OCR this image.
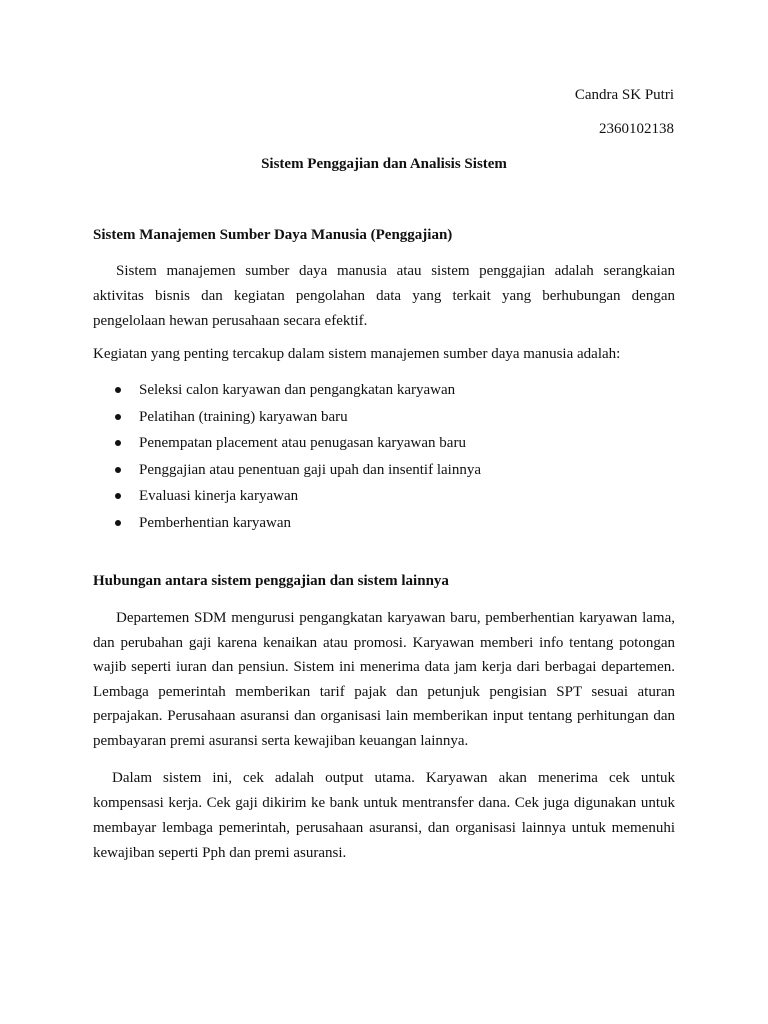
Candra SK Putri

2360102138

Sistem Penggajian dan Analisis Sistem

Sistem Manajemen Sumber Daya Manusia (Penggajian)

Sistem manajemen sumber daya manusia atau sistem penggajian adalah serangkaian
aktivitas bisnis dan kegiatan pengolahan data yang terkait yang berhubungan dengan
pengelolaan hewan perusahaan secara efektif.

Kegiatan yang penting tercakup dalam sistem manajemen sumber daya manusia adalah:

Seleksi calon karyawan dan pengangkatan karyawan
Pelatihan (training) karyawan baru
Penempatan placement atau penugasan karyawan baru
Penggajian atau penentuan gaji upah dan insentif lainnya
Evaluasi kinerja karyawan
Pemberhentian karyawan

Hubungan antara sistem penggajian dan sistem lainnya

Departemen SDM mengurusi pengangkatan karyawan baru, pemberhentian karyawan lama,
dan perubahan gaji karena kenaikan atau promosi. Karyawan memberi info tentang potongan
wajib seperti iuran dan pensiun. Sistem ini menerima data jam kerja dari berbagai departemen.
Lembaga pemerintah memberikan tarif pajak dan petunjuk pengisian SPT sesuai aturan
perpajakan. Perusahaan asuransi dan organisasi lain memberikan input tentang perhitungan dan
pembayaran premi asuransi serta kewajiban keuangan lainnya.
Dalam sistem ini, cek adalah output utama. Karyawan akan menerima cek untuk
kompensasi kerja. Cek gaji dikirim ke bank untuk mentransfer dana. Cek juga digunakan untuk
membayar lembaga pemerintah, perusahaan asuransi, dan organisasi lainnya untuk memenuhi
kewajiban seperti Pph dan premi asuransi.
